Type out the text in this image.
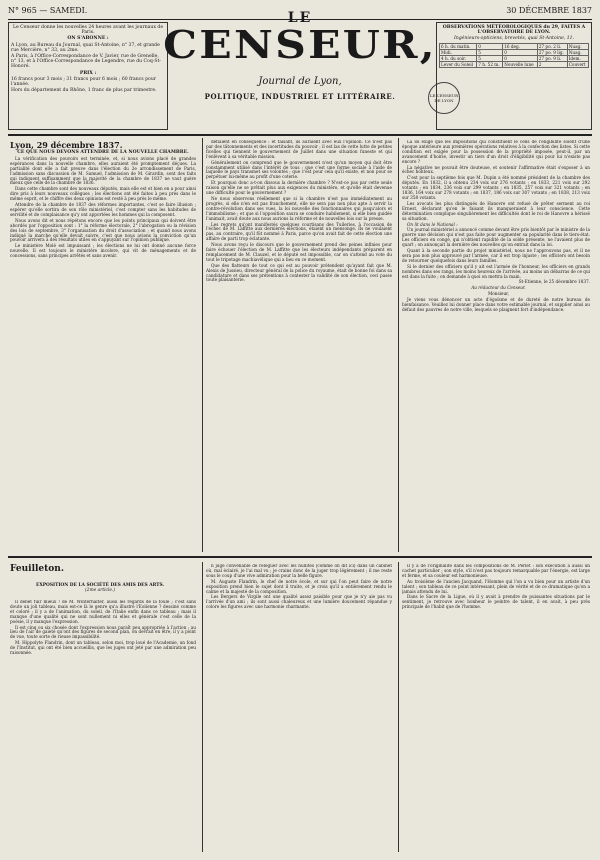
N° 965 — SAMEDI.	30 DÉCEMBRE 1837

Le Censeur donne les nouvelles 24 heures avant les journaux de Paris.

ON S'ABONNE :

A Lyon, au Bureau du Journal, quai St-Antoine, n° 37, et grande rue Mercière, n° 33, au 2me.

A Paris, à l'Office-Correspondance de V. Javier, rue de Grenelle, n° 13, et à l'Office-Correspondance de Legendre, rue du Coq-St-Honoré.

PRIX :

16 francs pour 3 mois ; 31 francs pour 6 mois ; 60 francs pour l'année.

Hors du département du Rhône, 1 franc de plus par trimestre.

LE
CENSEUR,
Journal de Lyon,
POLITIQUE, INDUSTRIEL ET LITTÉRAIRE.	LE CENSEUR DE LYON

OBSERVATIONS MÉTÉOROLOGIQUES du 29, FAITES A L'OBSERVATOIRE DE LYON.

Ingénieurs-opticiens, brevetés, quai St-Antoine, 11.

6 h. du matin.	0	16 deg.	27 po. 2 li.	Nuag.
Midi.	5	0	27 po. 9 lig.	Nuag.
4 h. du soir.	5	0	27 po. 9 li.	Idem.
Lever du Soleil	7 h. 52 m.	Nouvelle lune	2	Couvert

Lyon, 29 décembre 1837.

CE QUE NOUS DEVONS ATTENDRE DE LA NOUVELLE CHAMBRE.

La vérification des pouvoirs est terminée, et, si nous avions placé de grandes espérances dans la nouvelle chambre, elles auraient été promptement déçues. La partialité dont elle a fait preuve dans l'élection du 2e arrondissement de Paris, l'admission sans discussion de M. Samuel, l'admission de M. Girardin, sont des faits qui indiquent suffisamment que la majorité de la chambre de 1837 ne vaut guère mieux que celle de la chambre de 1836.

Dans cette chambre sont des nouveaux députés, mais elle est et bien en a pour ainsi dire pris à leurs nouveaux collègues ; les élections ont été faites à peu près dans le même esprit, et le chiffre des deux opinions est resté à peu près le même.

Attendre de la chambre de 1837 des réformes importantes, c'est se faire illusion ; espérer qu'elle sortira de son rôle ministériel, c'est compter sans les habitudes de servilité et de complaisance qu'y ont apportées les hommes qui la composent.

Nous avons dit et nous répétons encore que les points principaux qui doivent être abordés par l'opposition sont : 1° la réforme électorale, 2° l'abrogation ou la révision des lois de septembre, 3° l'organisation du droit d'association ; et quand nous avons indiqué la marche qu'elle devait suivre, c'est que nous avions la conviction qu'un pouvoir arrivera à des résultats utiles en s'appuyant sur l'opinion publique.

Le ministère Molé est impuissant ; les élections ne lui ont donné aucune force nouvelle. Il est toujours le ministère incolore, qui vit de ménagements et de concessions, sans principes arrêtés et sans avenir.

défiaient en conséquence : et faisant, ils auraient avec eux l'opinion. Ce n'est pas par des tâtonnements et des incertitudes du pouvoir ; il est las de cette lutte de petites ficelles qui tiennent le gouvernement de Juillet dans une situation funeste et qui l'enlèvent à sa véritable mission.

Généralement on comprend que le gouvernement n'est qu'un moyen qui doit être constamment utilisé dans l'intérêt de tous ; que c'est une forme sociale à l'aide de laquelle le pays transmet ses volontés ; que c'est pour cela qu'il existe, et non pour se perpétuer lui-même au profit d'une coterie.

Et pourquoi donc a-t-on dissous la dernière chambre ? N'est-ce pas par cette seule raison qu'elle ne se prêtait plus aux exigences du ministère, et qu'elle était devenue une difficulté pour le gouvernement ?

Ne nous observons réellement que si la chambre n'est pas immédiatement au progrès, si elle n'en est pas franchement, elle ne sera pas non plus apte à servir la contre-révolution dans ses vues, la loi nouvelle des fonctionnaires qui jusqu'alors et l'immobilisme ; et que si l'opposition saura se conduire habilement, si elle bien guidée l'animait, avait doute aux nous aurions la réforme et de nouvelles lois sur la presse.

Les regrets qu'ont manifestés quelques courtisans des Tuileries, à l'occasion de l'échec de M. Laffitte aux dernières élections, étaient un mensonge. Ils ne voulaient pas, au contraire, qu'il fût nommé à Paris, parce qu'on avait fait de cette élection une affaire de parti trop éclatante.

Nous avons reçu le discours que le gouvernement prend des peines infinies pour faire échouer l'élection de M. Laffitte que les électeurs indépendants préparent en remplacement de M. Clauzel, et le député est impossible, car on s'attend au vote du tout le tripotage machiavélique qui a lieu en ce moment.

Que des flatteurs de tout ce qui est au pouvoir prétendent qu'ayant fait que M. Alexis de Jussieu, directeur général de la police du royaume, était de bonne foi dans sa candidature et dans ses prétentions à contester la validité de son élection, ceci passe toute plaisanterie.

La loi exige que les impositions qui constituent le cens de l'éligibilité soient d'une époque antérieure aux premières opérations relatives à la confection des listes. Si cette condition est exigée pour la possession de la propriété imposée, peut-il, par un avancement d'hoirie, investir un tiers d'un droit d'éligibilité qui pour lui n'existe pas encore ?

La négative ne pouvait être douteuse, et soutenir l'affirmative était s'exposer à un échec honteux.

C'est pour la septième fois que M. Dupin a été nommé président de la chambre des députés. En 1832, il a obtenu 234 voix sur 276 votants ; en 1833, 221 voix sur 292 votants ; en 1834, 236 voix sur 299 votants ; en 1835, 257 voix sur 321 votants ; en 1836, 164 voix sur 278 votants ; en 1837, 186 voix sur 307 votants ; en 1838, 213 voix sur 358 votants.

Les avocats les plus distingués de Hanovre ont refusé de prêter serment au roi Ernest, déclarant qu'en le faisant ils manqueraient à leur conscience. Cette détermination complique singulièrement les difficultés dont le roi de Hanovre a hérissé sa situation.

On lit dans le National :

Un journal ministériel a annoncé comme devant être pris bientôt par le ministre de la guerre une décision qui n'est pas faite pour augmenter sa popularité dans le tiers-état. Les officiers en congé, qui n'obtient rapidité de la solde présente, ne l'avaient plus de quart ; on annonçait la dernière des nouvelles qu'on entrait dans la loi.

Quant à la seconde partie du projet ministériel, nous ne l'approuvons pas, et il ne sera pas non plus approuvé par l'armée, car il est trop injuste ; les officiers ont besoin de retourner quelquefois dans leurs familles.

Si le dernier des officiers qu'il y ait est l'armée de l'honneur, les officiers en grands nombres dans ses rangs, les moins heureux de l'arrivée, au moins un débarras de ce qui est dans la fuite ; on demande à quoi on mettra la main.

St-Etienne, le 25 décembre 1837.

Au rédacteur du Censeur.

Monsieur,

Je viens vous dénoncer un acte d'égoïsme et de dureté de notre bureau de bienfaisance. Veuillez lui donner place dans votre estimable journal, et supplier ainsi au défaut des pauvres de notre ville, lesquels se plaignent fort d'indépendance.

Feuilleton.
EXPOSITION DE LA SOCIÉTÉ DES AMIS DES ARTS.
(2me article.)

Il debet fuir mieux ! de M. Winterhalter, aussi les regards de la foule ; c'est sans doute un joli tableau, mais est-ce là le genre qu'a illustré l'Eolienne ? dessiné comme et coloré ; il y a de l'animation, du soleil, de l'Italie enfin dans ce tableau ; mais il manque d'une qualité qui ne sont nullement ni elles et générale c'est celle de la poésie, il y manque l'expression.

Il est cinq ou six chosée dont l'expression nous paraît peu appropriée à l'action ; au lieu de l'air de gaieté qu'ont des figures de second plan, on devrait en être, il y a point de vue, toute sorte de rieuse impassibilité.

M. Hippolyte Flandrin, dont un tableau, selon moi, trop loué de l'Academie, un fond de l'Institut, qui ont été bien accueillis, que les juges ont jeté par une admiration peu raisonnée.

n jugé convenable de reléguer avec les nullités (comme on dit ici) dans un cabinet où, mal éclairé, je l'ai mal vu ; je crains donc de la juger trop légèrement ; il me reste sous le coup d'une vive admiration pour la belle figure.

M. Auguste Flandrin, le chef de notre école, et sur qui l'on peut faire de notre exposition prend bien le sujet dont il traite, et je crois qu'il a entièrement rendu le calme et la majesté de la composition.

Les Bergers de Virgile ont une qualité assez paisible pour que je n'y aie pas vu l'arrivée d'un ami ; ils sont aussi chaleureux et une lumière doucement répandue y colore les figures avec une harmonie charmante.

Il y a de l'originalité dans les compositions de M. Perlet : son exécution a aussi un cachet particulier ; son style, s'il n'est pas toujours remarquable par l'énergie, est large et ferme, et sa couleur est harmonieuse.

Au troisième de l'ancien Jacquand, l'Homme qui l'on a vu bien pour un artiste d'un talent ; son tableau de ce point intéressant, plein de vérité et de ce dramatique qu'on a jamais attendu de lui.

Dans le Sacre de la Ligue, où il y avait à prendre de puissantes situations par le sentiment, je retrouve avec bonheur le peintre de talent, il en avait, à peu près principale de l'habit que de l'homme.
